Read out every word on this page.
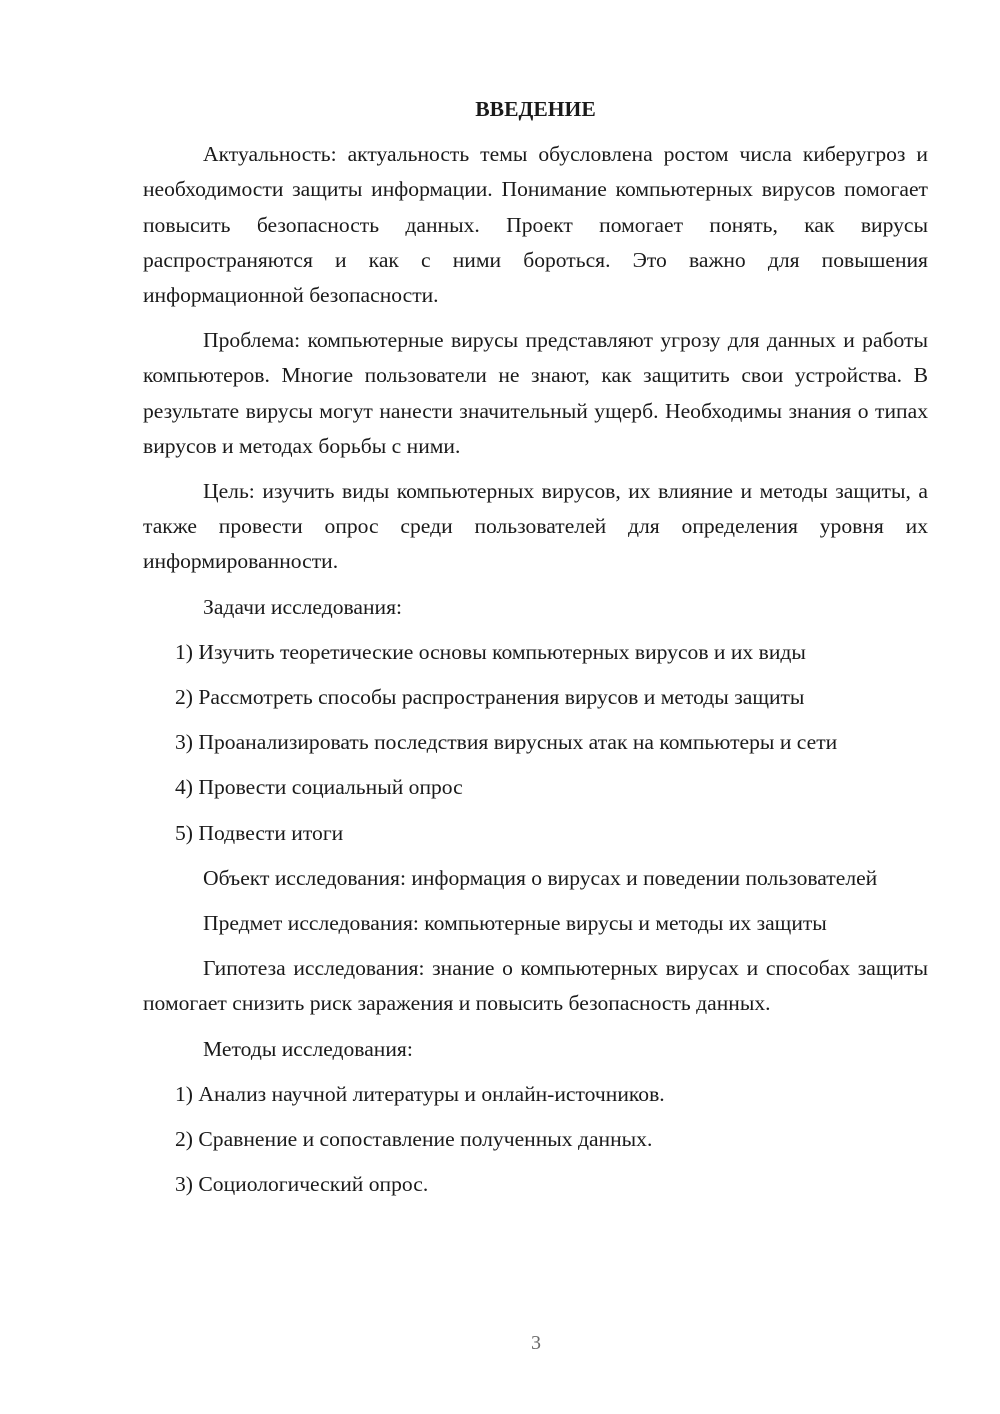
ВВЕДЕНИЕ

Актуальность: актуальность темы обусловлена ростом числа киберугроз и необходимости защиты информации. Понимание компьютерных вирусов помогает повысить безопасность данных. Проект помогает понять, как вирусы распространяются и как с ними бороться. Это важно для повышения информационной безопасности.

Проблема: компьютерные вирусы представляют угрозу для данных и работы компьютеров. Многие пользователи не знают, как защитить свои устройства. В результате вирусы могут нанести значительный ущерб. Необходимы знания о типах вирусов и методах борьбы с ними.

Цель: изучить виды компьютерных вирусов, их влияние и методы защиты, а также провести опрос среди пользователей для определения уровня их информированности.

Задачи исследования:

1) Изучить теоретические основы компьютерных вирусов и их виды

2) Рассмотреть способы распространения вирусов и методы защиты

3) Проанализировать последствия вирусных атак на компьютеры и сети

4) Провести социальный опрос

5) Подвести итоги

Объект исследования: информация о вирусах и поведении пользователей

Предмет исследования: компьютерные вирусы и методы их защиты

Гипотеза исследования: знание о компьютерных вирусах и способах защиты помогает снизить риск заражения и повысить безопасность данных.

Методы исследования:

1) Анализ научной литературы и онлайн-источников.

2) Сравнение и сопоставление полученных данных.

3) Социологический опрос.

3
